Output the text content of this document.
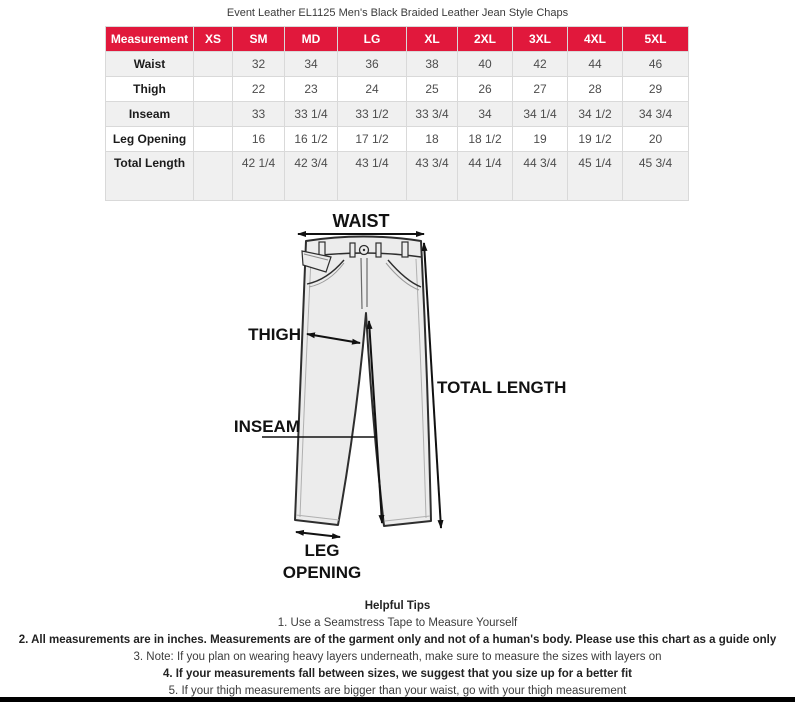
Event Leather EL1125 Men's Black Braided Leather Jean Style Chaps
Measurement	XS	SM	MD	LG	XL	2XL	3XL	4XL	5XL
Waist		32	34	36	38	40	42	44	46
Thigh		22	23	24	25	26	27	28	29
Inseam		33	33 1/4	33 1/2	33 3/4	34	34 1/4	34 1/2	34 3/4
Leg Opening		16	16 1/2	17 1/2	18	18 1/2	19	19 1/2	20
Total Length		42 1/4	42 3/4	43 1/4	43 3/4	44 1/4	44 3/4	45 1/4	45 3/4
WAIST
THIGH
TOTAL LENGTH
INSEAM
LEG
OPENING
Helpful Tips
1. Use a Seamstress Tape to Measure Yourself
2. All measurements are in inches. Measurements are of the garment only and not of a human's body. Please use this chart as a guide only
3. Note: If you plan on wearing heavy layers underneath, make sure to measure the sizes with layers on
4. If your measurements fall between sizes, we suggest that you size up for a better fit
5. If your thigh measurements are bigger than your waist, go with your thigh measurement
